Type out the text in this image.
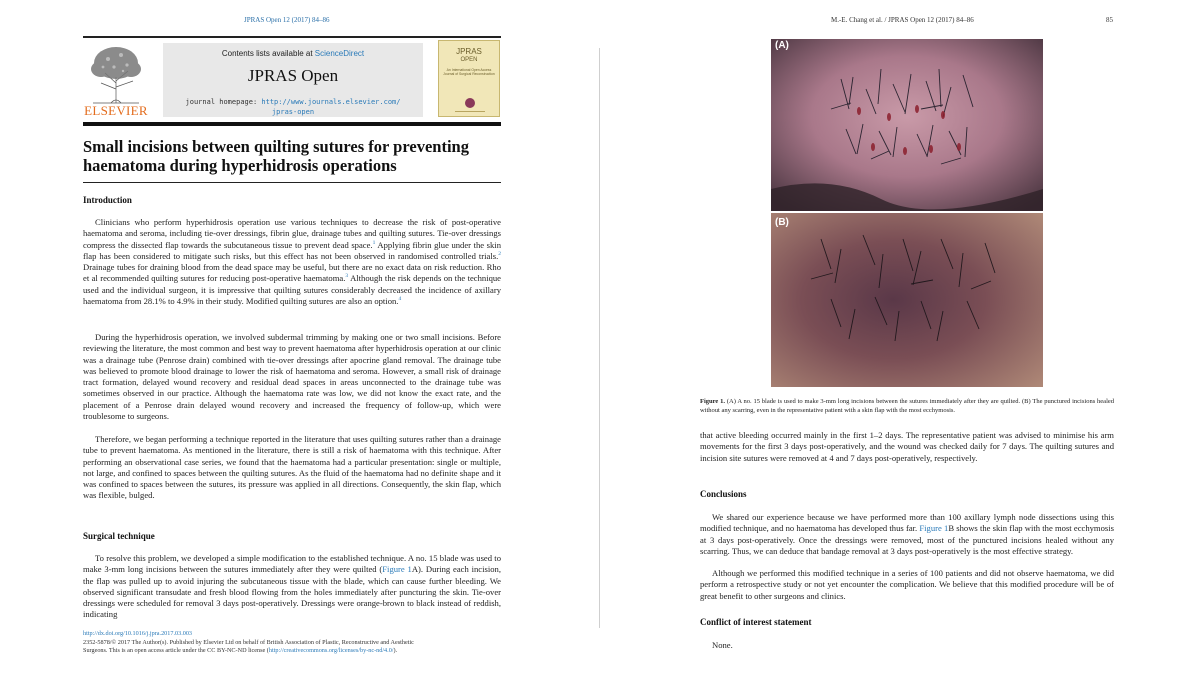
JPRAS Open 12 (2017) 84–86
ELSEVIER
Contents lists available at ScienceDirect
JPRAS Open
journal homepage: http://www.journals.elsevier.com/
jpras-open
JPRAS
OPEN
An International Open Access Journal of Surgical Reconstruction
Small incisions between quilting sutures for preventing haematoma during hyperhidrosis operations
Introduction

Clinicians who perform hyperhidrosis operation use various techniques to decrease the risk of post-operative haematoma and seroma, including tie-over dressings, fibrin glue, drainage tubes and quilting sutures. Tie-over dressings compress the dissected flap towards the subcutaneous tissue to prevent dead space.$^1$ Applying fibrin glue under the skin flap has been considered to mitigate such risks, but this effect has not been observed in randomised controlled trials.$^2$ Drainage tubes for draining blood from the dead space may be useful, but there are no exact data on risk reduction. Rho et al recommended quilting sutures for reducing post-operative haematoma.$^3$ Although the risk depends on the technique used and the individual surgeon, it is impressive that quilting sutures considerably decreased the incidence of axillary haematoma from 28.1% to 4.9% in their study. Modified quilting sutures are also an option.$^4$

During the hyperhidrosis operation, we involved subdermal trimming by making one or two small incisions. Before reviewing the literature, the most common and best way to prevent haematoma after hyperhidrosis operation at our clinic was a drainage tube (Penrose drain) combined with tie-over dressings after apocrine gland removal. The drainage tube was believed to promote blood drainage to lower the risk of haematoma and seroma. However, a small risk of drainage tract formation, delayed wound recovery and residual dead spaces in areas unconnected to the drainage tube was sometimes observed in our practice. Although the haematoma rate was low, we did not know the exact rate, and the placement of a Penrose drain delayed wound recovery and increased the frequency of follow-up, which were troublesome to surgeons.

Therefore, we began performing a technique reported in the literature that uses quilting sutures rather than a drainage tube to prevent haematoma. As mentioned in the literature, there is still a risk of haematoma with this technique. After performing an observational case series, we found that the haematoma had a particular presentation: single or multiple, not large, and confined to spaces between the quilting sutures. As the fluid of the haematoma had no definite shape and it was confined to spaces between the sutures, its pressure was applied in all directions. Consequently, the skin flap, which was flexible, bulged.

Surgical technique

To resolve this problem, we developed a simple modification to the established technique. A no. 15 blade was used to make 3-mm long incisions between the sutures immediately after they were quilted (Figure 1A). During each incision, the flap was pulled up to avoid injuring the subcutaneous tissue with the blade, which can cause further bleeding. We observed significant transudate and fresh blood flowing from the holes immediately after puncturing the skin. Tie-over dressings were scheduled for removal 3 days post-operatively. Dressings were orange-brown to black instead of reddish, indicating

http://dx.doi.org/10.1016/j.jpra.2017.03.003
2352-5878/© 2017 The Author(s). Published by Elsevier Ltd on behalf of British Association of Plastic, Reconstructive and Aesthetic
Surgeons. This is an open access article under the CC BY-NC-ND license (http://creativecommons.org/licenses/by-nc-nd/4.0/).
M.-E. Chang et al. / JPRAS Open 12 (2017) 84–86	85
(A)
(B)
Figure 1. (A) A no. 15 blade is used to make 3-mm long incisions between the sutures immediately after they are quilted. (B) The punctured incisions healed without any scarring, even in the representative patient with a skin flap with the most ecchymosis.

that active bleeding occurred mainly in the first 1–2 days. The representative patient was advised to minimise his arm movements for the first 3 days post-operatively, and the wound was checked daily for 7 days. The quilting sutures and incision site sutures were removed at 4 and 7 days post-operatively, respectively.

Conclusions

We shared our experience because we have performed more than 100 axillary lymph node dissections using this modified technique, and no haematoma has developed thus far. Figure 1B shows the skin flap with the most ecchymosis at 3 days post-operatively. Once the dressings were removed, most of the punctured incisions healed without any scarring. Thus, we can deduce that bandage removal at 3 days post-operatively is the most effective strategy.

Although we performed this modified technique in a series of 100 patients and did not observe haematoma, we did perform a retrospective study or not yet encounter the complication. We believe that this modified procedure will be of great benefit to other surgeons and clinics.

Conflict of interest statement

None.
